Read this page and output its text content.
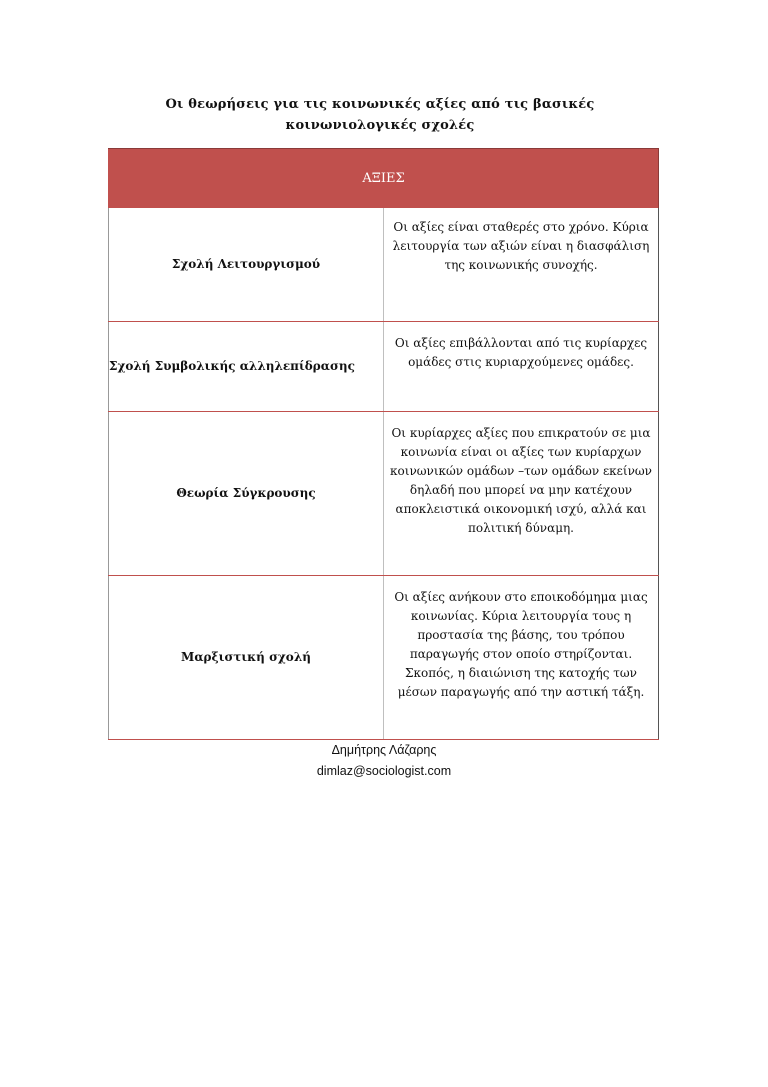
Οι θεωρήσεις για τις κοινωνικές αξίες από τις βασικές κοινωνιολογικές σχολές
ΑΞΙΕΣ	
Σχολή Λειτουργισμού	Οι αξίες είναι σταθερές στο χρόνο. Κύρια λειτουργία των αξιών είναι η διασφάλιση της κοινωνικής συνοχής.
Σχολή Συμβολικής αλληλεπίδρασης	Οι αξίες επιβάλλονται από τις κυρίαρχες ομάδες στις κυριαρχούμενες ομάδες.
Θεωρία Σύγκρουσης	Οι κυρίαρχες αξίες που επικρατούν σε μια κοινωνία είναι οι αξίες των κυρίαρχων κοινωνικών ομάδων –των ομάδων εκείνων δηλαδή που μπορεί να μην κατέχουν αποκλειστικά οικονομική ισχύ, αλλά και πολιτική δύναμη.
Μαρξιστική σχολή	Οι αξίες ανήκουν στο εποικοδόμημα μιας κοινωνίας. Κύρια λειτουργία τους η προστασία της βάσης, του τρόπου παραγωγής στον οποίο στηρίζονται. Σκοπός, η διαιώνιση της κατοχής των μέσων παραγωγής από την αστική τάξη.
Δημήτρης Λάζαρης
dimlaz@sociologist.com
